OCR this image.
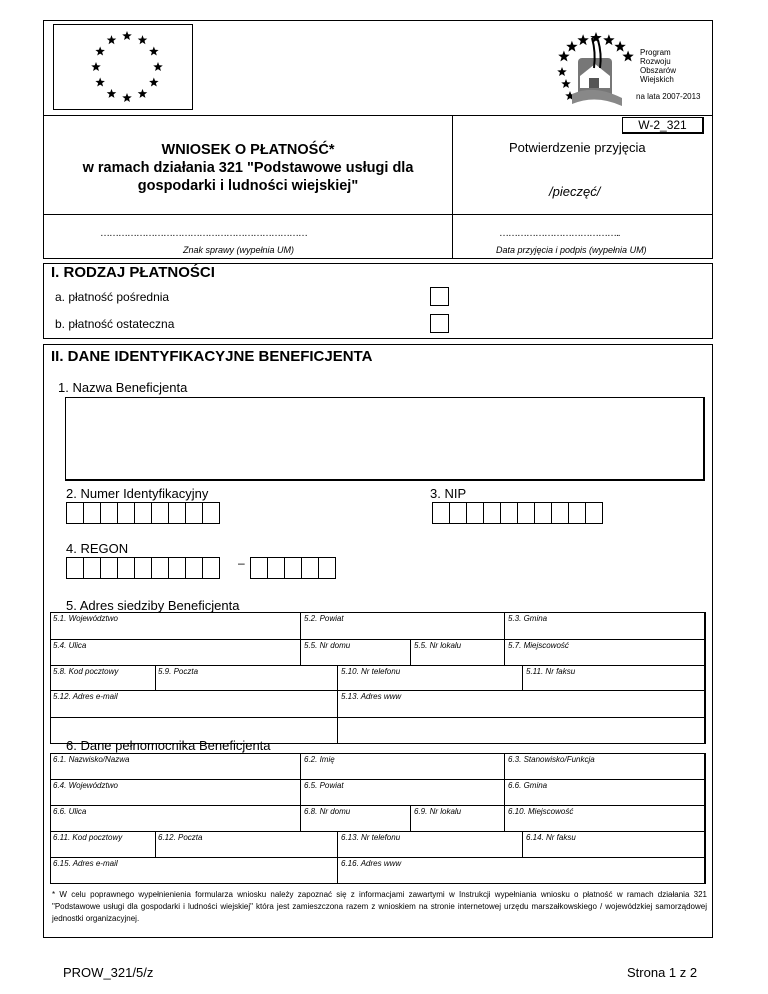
Program
Rozwoju
Obszarów
Wiejskich
na lata 2007-2013
W-2_321
WNIOSEK O PŁATNOŚĆ*
w ramach działania 321 "Podstawowe usługi dla
gospodarki i ludności wiejskiej"
Potwierdzenie przyjęcia
/pieczęć/
……………………………………………………………	…………………………………..
Znak sprawy (wypełnia UM)	Data przyjęcia i podpis (wypełnia UM)
I. RODZAJ PŁATNOŚCI
a. płatność pośrednia
b. płatność ostateczna
II. DANE IDENTYFIKACYJNE BENEFICJENTA
1. Nazwa Beneficjenta
2. Numer Identyfikacyjny	3. NIP
4. REGON
–
5. Adres siedziby Beneficjenta
5.1. Województwo	5.2. Powiat	5.3. Gmina
5.4. Ulica	5.5. Nr domu	5.5. Nr lokalu	5.7. Miejscowość
5.8. Kod pocztowy	5.9. Poczta	5.10. Nr telefonu	5.11. Nr faksu
5.12. Adres e-mail	5.13. Adres www
6. Dane pełnomocnika Beneficjenta
6.1. Nazwisko/Nazwa	6.2. Imię	6.3. Stanowisko/Funkcja
6.4. Województwo	6.5. Powiat	6.6. Gmina
6.6. Ulica	6.8. Nr domu	6.9. Nr lokalu	6.10. Miejscowość
6.11. Kod pocztowy	6.12. Poczta	6.13. Nr telefonu	6.14. Nr faksu
6.15. Adres e-mail	6.16. Adres www
* W celu poprawnego wypełnienienia formularza wniosku należy zapoznać się z informacjami zawartymi w Instrukcji wypełniania wniosku o płatność w ramach działania 321 "Podstawowe usługi dla gospodarki i ludności wiejskiej" która jest zamieszczona razem z wnioskiem na stronie internetowej urzędu marszałkowskiego / wojewódzkiej samorządowej jednostki organizacyjnej.
PROW_321/5/z	Strona 1 z 2
